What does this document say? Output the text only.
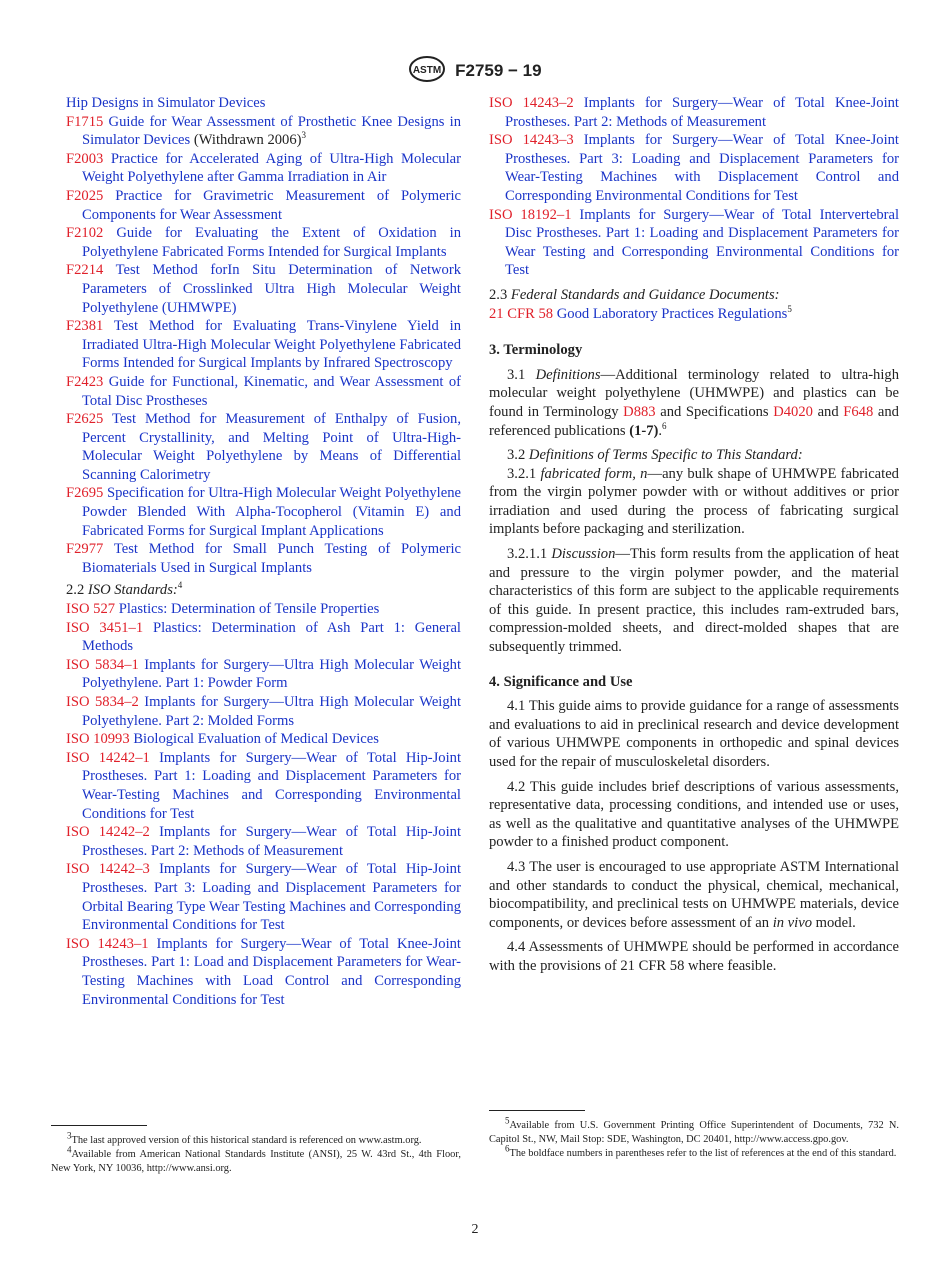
ASTM F2759 − 19

Hip Designs in Simulator Devices

F1715 Guide for Wear Assessment of Prosthetic Knee Designs in Simulator Devices (Withdrawn 2006)$^3$

F2003 Practice for Accelerated Aging of Ultra-High Molecular Weight Polyethylene after Gamma Irradiation in Air

F2025 Practice for Gravimetric Measurement of Polymeric Components for Wear Assessment

F2102 Guide for Evaluating the Extent of Oxidation in Polyethylene Fabricated Forms Intended for Surgical Implants

F2214 Test Method forIn Situ Determination of Network Parameters of Crosslinked Ultra High Molecular Weight Polyethylene (UHMWPE)

F2381 Test Method for Evaluating Trans-Vinylene Yield in Irradiated Ultra-High Molecular Weight Polyethylene Fabricated Forms Intended for Surgical Implants by Infrared Spectroscopy

F2423 Guide for Functional, Kinematic, and Wear Assessment of Total Disc Prostheses

F2625 Test Method for Measurement of Enthalpy of Fusion, Percent Crystallinity, and Melting Point of Ultra-High-Molecular Weight Polyethylene by Means of Differential Scanning Calorimetry

F2695 Specification for Ultra-High Molecular Weight Polyethylene Powder Blended With Alpha-Tocopherol (Vitamin E) and Fabricated Forms for Surgical Implant Applications

F2977 Test Method for Small Punch Testing of Polymeric Biomaterials Used in Surgical Implants

2.2 ISO Standards:$^4$

ISO 527 Plastics: Determination of Tensile Properties

ISO 3451–1 Plastics: Determination of Ash Part 1: General Methods

ISO 5834–1 Implants for Surgery—Ultra High Molecular Weight Polyethylene. Part 1: Powder Form

ISO 5834–2 Implants for Surgery—Ultra High Molecular Weight Polyethylene. Part 2: Molded Forms

ISO 10993 Biological Evaluation of Medical Devices

ISO 14242–1 Implants for Surgery—Wear of Total Hip-Joint Prostheses. Part 1: Loading and Displacement Parameters for Wear-Testing Machines and Corresponding Environmental Conditions for Test

ISO 14242–2 Implants for Surgery—Wear of Total Hip-Joint Prostheses. Part 2: Methods of Measurement

ISO 14242–3 Implants for Surgery—Wear of Total Hip-Joint Prostheses. Part 3: Loading and Displacement Parameters for Orbital Bearing Type Wear Testing Machines and Corresponding Environmental Conditions for Test

ISO 14243–1 Implants for Surgery—Wear of Total Knee-Joint Prostheses. Part 1: Load and Displacement Parameters for Wear-Testing Machines with Load Control and Corresponding Environmental Conditions for Test

ISO 14243–2 Implants for Surgery—Wear of Total Knee-Joint Prostheses. Part 2: Methods of Measurement

ISO 14243–3 Implants for Surgery—Wear of Total Knee-Joint Prostheses. Part 3: Loading and Displacement Parameters for Wear-Testing Machines with Displacement Control and Corresponding Environmental Conditions for Test

ISO 18192–1 Implants for Surgery—Wear of Total Intervertebral Disc Prostheses. Part 1: Loading and Displacement Parameters for Wear Testing and Corresponding Environmental Conditions for Test

2.3 Federal Standards and Guidance Documents:

21 CFR 58 Good Laboratory Practices Regulations$^5$

3. Terminology

3.1 Definitions—Additional terminology related to ultra-high molecular weight polyethylene (UHMWPE) and plastics can be found in Terminology D883 and Specifications D4020 and F648 and referenced publications (1-7).$^6$

3.2 Definitions of Terms Specific to This Standard:

3.2.1 fabricated form, n—any bulk shape of UHMWPE fabricated from the virgin polymer powder with or without additives or prior irradiation and used during the process of fabricating surgical implants before packaging and sterilization.

3.2.1.1 Discussion—This form results from the application of heat and pressure to the virgin polymer powder, and the material characteristics of this form are subject to the applicable requirements of this guide. In present practice, this includes ram-extruded bars, compression-molded sheets, and direct-molded shapes that are subsequently trimmed.

4. Significance and Use

4.1 This guide aims to provide guidance for a range of assessments and evaluations to aid in preclinical research and device development of various UHMWPE components in orthopedic and spinal devices used for the repair of musculoskeletal disorders.

4.2 This guide includes brief descriptions of various assessments, representative data, processing conditions, and intended use or uses, as well as the qualitative and quantitative analyses of the UHMWPE powder to a finished product component.

4.3 The user is encouraged to use appropriate ASTM International and other standards to conduct the physical, chemical, mechanical, biocompatibility, and preclinical tests on UHMWPE materials, device components, or devices before assessment of an in vivo model.

4.4 Assessments of UHMWPE should be performed in accordance with the provisions of 21 CFR 58 where feasible.

3The last approved version of this historical standard is referenced on www.astm.org.

4Available from American National Standards Institute (ANSI), 25 W. 43rd St., 4th Floor, New York, NY 10036, http://www.ansi.org.

5Available from U.S. Government Printing Office Superintendent of Documents, 732 N. Capitol St., NW, Mail Stop: SDE, Washington, DC 20401, http://www.access.gpo.gov.

6The boldface numbers in parentheses refer to the list of references at the end of this standard.

2
